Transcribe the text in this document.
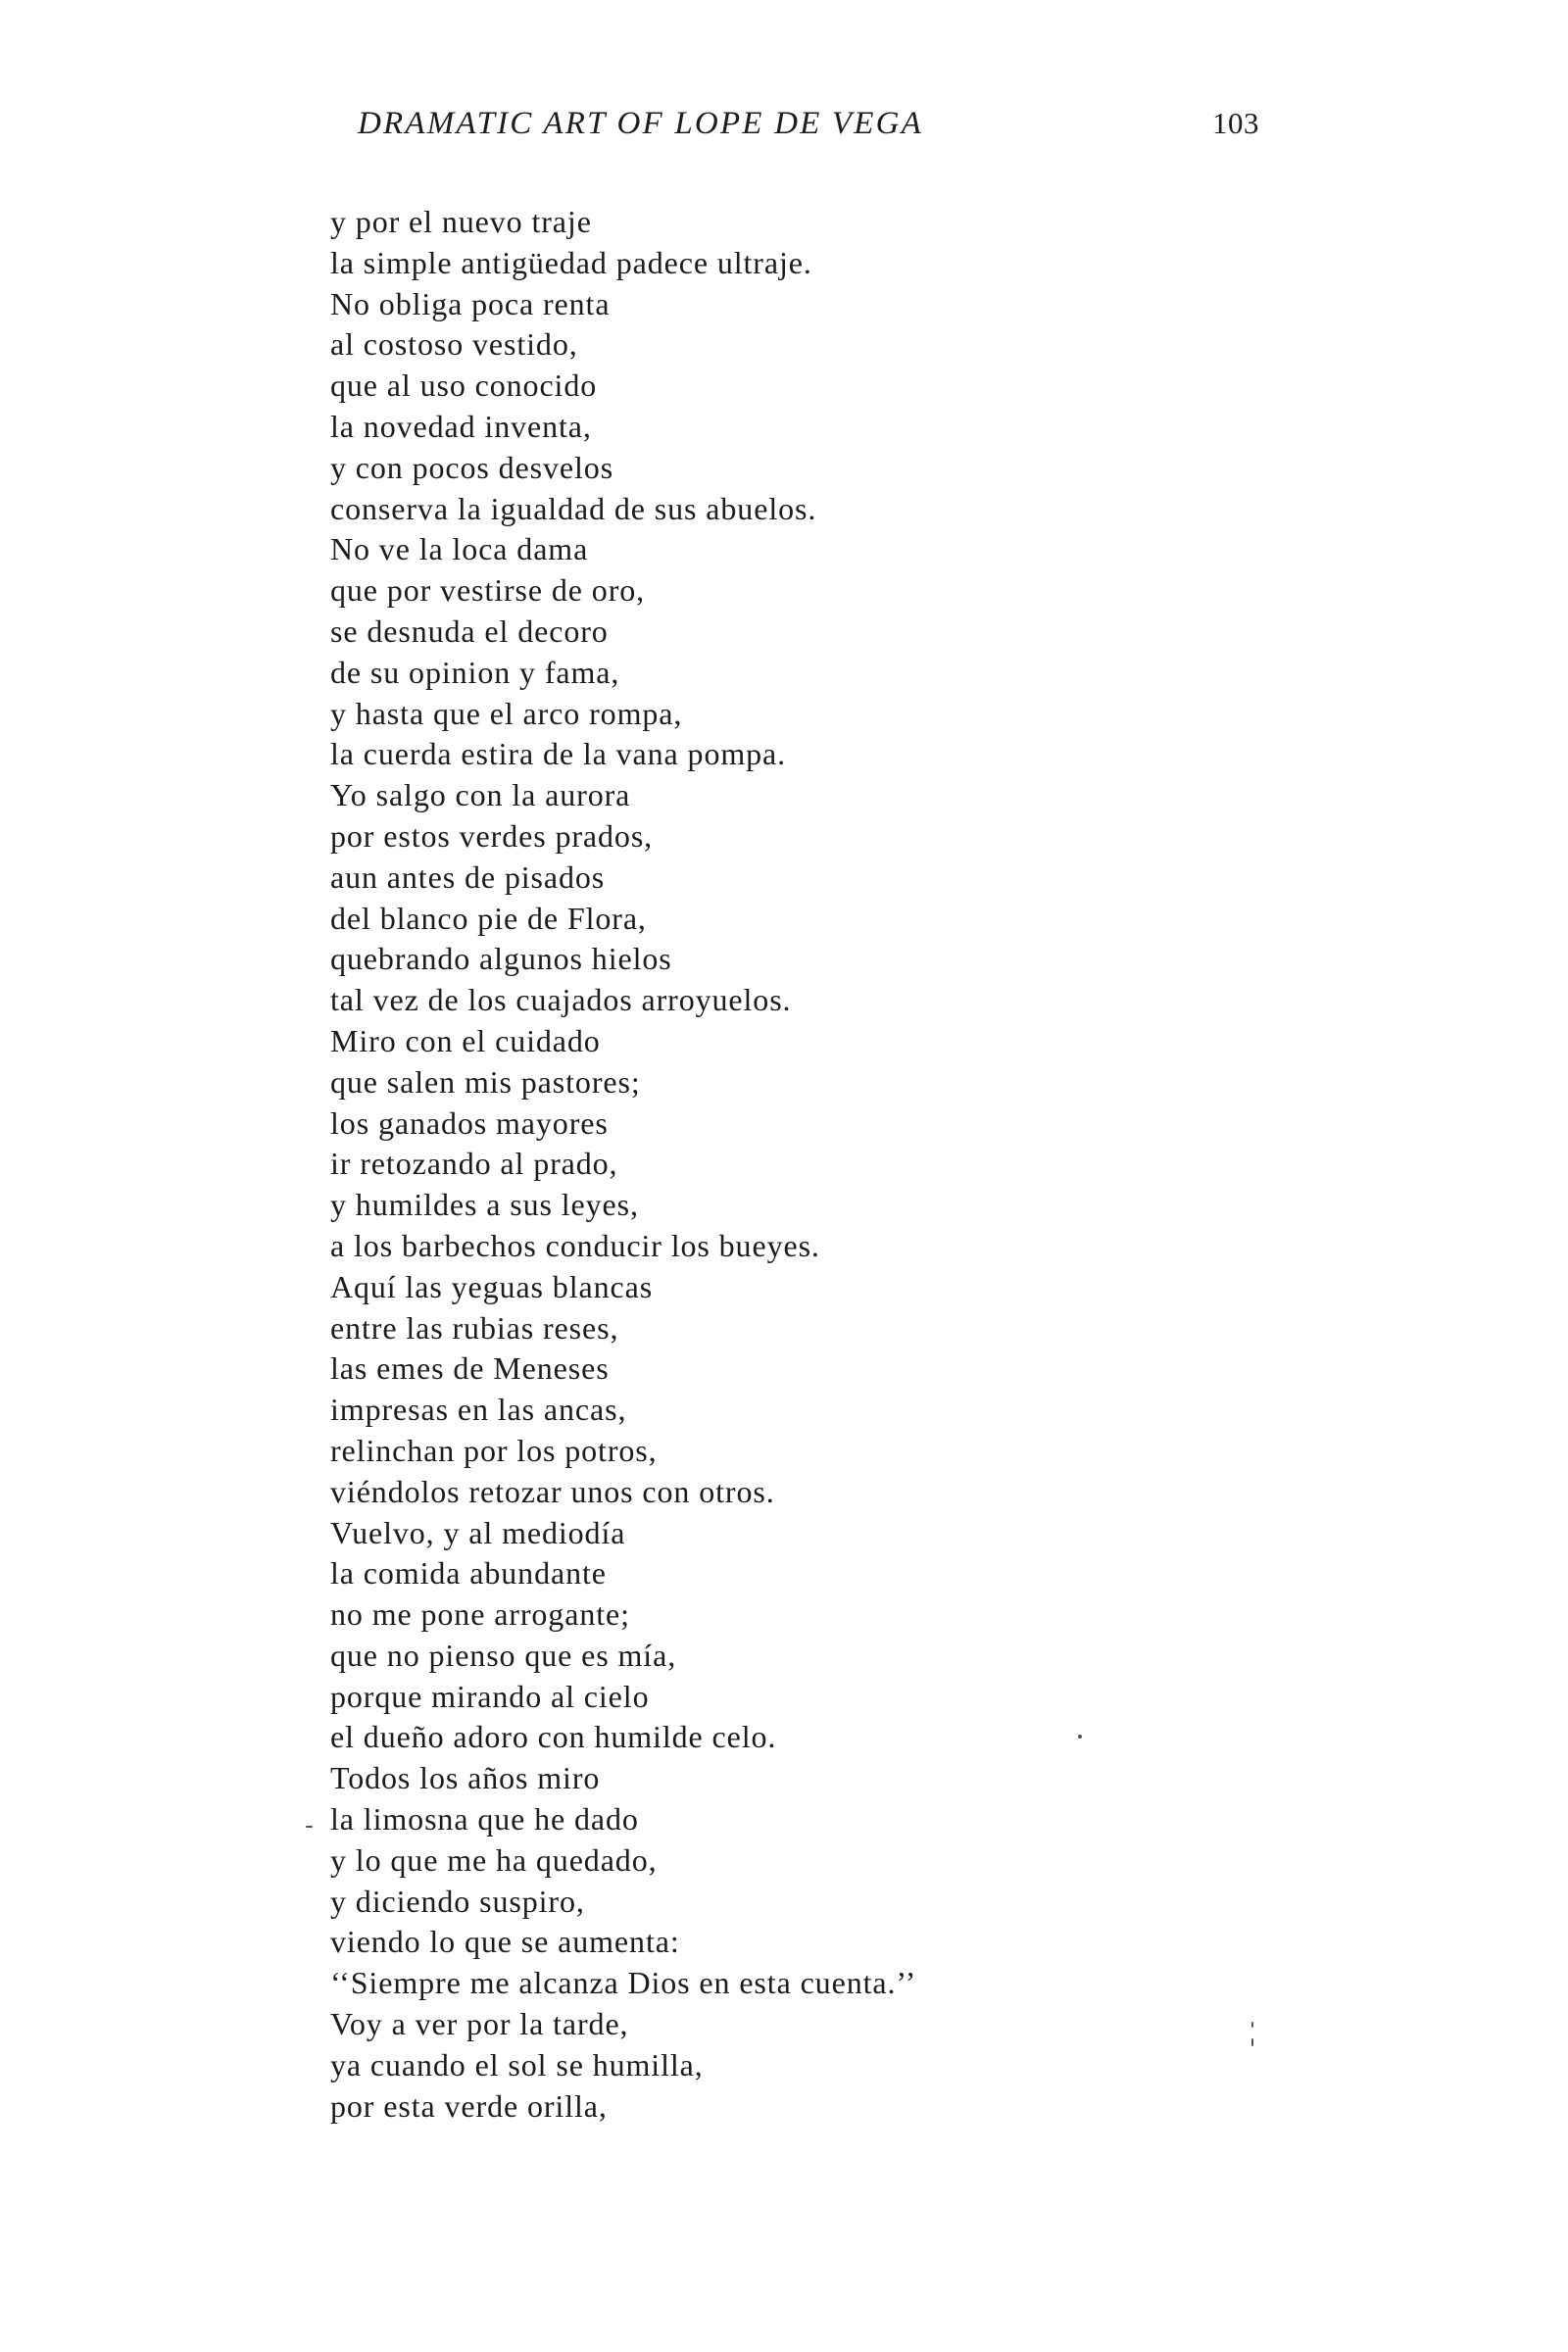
DRAMATIC ART OF LOPE DE VEGA	103
y por el nuevo traje
la simple antigüedad padece ultraje.
No obliga poca renta
al costoso vestido,
que al uso conocido
la novedad inventa,
y con pocos desvelos
conserva la igualdad de sus abuelos.
No ve la loca dama
que por vestirse de oro,
se desnuda el decoro
de su opinion y fama,
y hasta que el arco rompa,
la cuerda estira de la vana pompa.
Yo salgo con la aurora
por estos verdes prados,
aun antes de pisados
del blanco pie de Flora,
quebrando algunos hielos
tal vez de los cuajados arroyuelos.
Miro con el cuidado
que salen mis pastores;
los ganados mayores
ir retozando al prado,
y humildes a sus leyes,
a los barbechos conducir los bueyes.
Aquí las yeguas blancas
entre las rubias reses,
las emes de Meneses
impresas en las ancas,
relinchan por los potros,
viéndolos retozar unos con otros.
Vuelvo, y al mediodía
la comida abundante
no me pone arrogante;
que no pienso que es mía,
porque mirando al cielo
el dueño adoro con humilde celo.
Todos los años miro
la limosna que he dado
y lo que me ha quedado,
y diciendo suspiro,
viendo lo que se aumenta:
‘‘Siempre me alcanza Dios en esta cuenta.’’
Voy a ver por la tarde,
ya cuando el sol se humilla,
por esta verde orilla,
